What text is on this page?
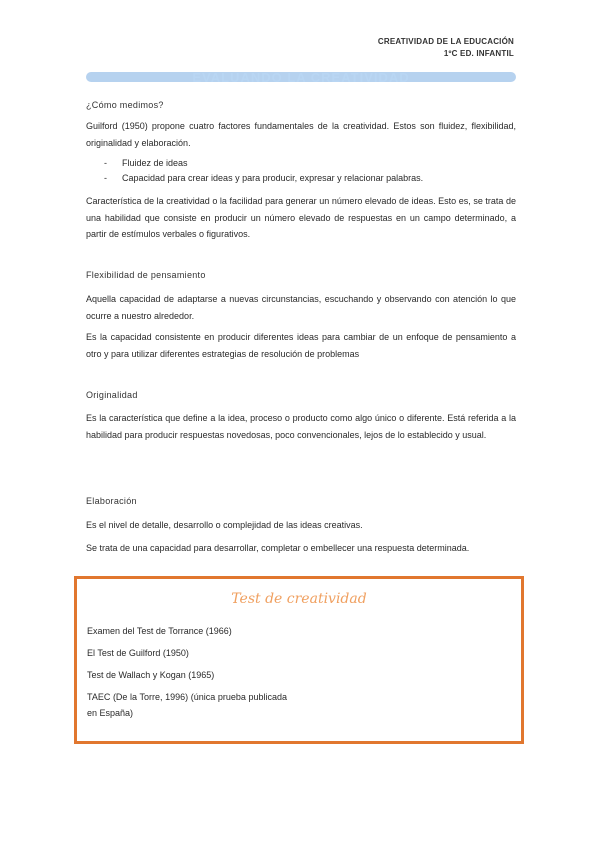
CREATIVIDAD DE LA EDUCACIÓN
1ºC ED. INFANTIL
EVALUANDO LA CREATIVIDAD
¿Cómo medimos?
Guilford (1950) propone cuatro factores fundamentales de la creatividad. Estos son fluidez, flexibilidad, originalidad y elaboración.
- Fluidez de ideas
- Capacidad para crear ideas y para producir, expresar y relacionar palabras.
Característica de la creatividad o la facilidad para generar un número elevado de ideas. Esto es, se trata de una habilidad que consiste en producir un número elevado de respuestas en un campo determinado, a partir de estímulos verbales o figurativos.
Flexibilidad de pensamiento
Aquella capacidad de adaptarse a nuevas circunstancias, escuchando y observando con atención lo que ocurre a nuestro alrededor.
Es la capacidad consistente en producir diferentes ideas para cambiar de un enfoque de pensamiento a otro y para utilizar diferentes estrategias de resolución de problemas
Originalidad
Es la característica que define a la idea, proceso o producto como algo único o diferente. Está referida a la habilidad para producir respuestas novedosas, poco convencionales, lejos de lo establecido y usual.
Elaboración
Es el nivel de detalle, desarrollo o complejidad de las ideas creativas.
Se trata de una capacidad para desarrollar, completar o embellecer una respuesta determinada.
Test de creatividad
Examen del Test de Torrance (1966)
El Test de Guilford (1950)
Test de Wallach y Kogan (1965)
TAEC (De la Torre, 1996) (única prueba publicada en España)
